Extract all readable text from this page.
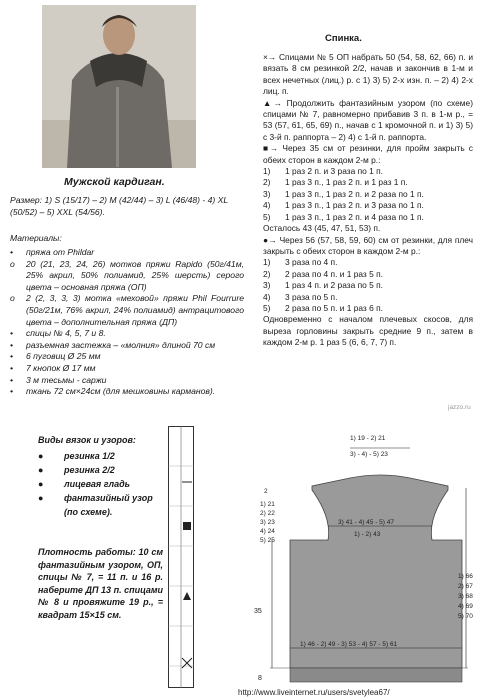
Мужской кардиган.
Размер: 1) S (15/17) – 2) M (42/44) – 3) L (46/48) - 4) XL (50/52) – 5) XXL (54/56).
Материалы:
•	пряжа от Phildar
o	20 (21, 23, 24, 26) мотков пряжи Rapido (50г/41м, 25% акрил, 50% полиамид, 25% шерсть) серого цвета – основная пряжа (ОП)
o	2 (2, 3, 3, 3) мотка «меховой» пряжи Phil Fourrure (50г/21м, 76% акрил, 24% полиамид) антрацитового цвета – дополнительная пряжа (ДП)
•	спицы № 4, 5, 7 и 8.
•	разъемная застежка – «молния» длиной 70 см
•	6 пуговиц Ø 25 мм
•	7 кнопок Ø 17 мм
•	3 м тесьмы - саржи
•	ткань 72 см×24см (для мешковины карманов).
Виды вязок и узоров:
●	резинка 1/2
●	резинка 2/2
●	лицевая гладь
●	фантазийный узор (по схеме).
Плотность работы: 10 см фантазийным узором, ОП, спицы № 7, = 11 п. и 16 р. наберите ДП 13 п. спицами № 8 и провяжите 19 р., = квадрат 15×15 см.
Спинка.

×→ Спицами № 5 ОП набрать 50 (54, 58, 62, 66) п. и вязать 8 см резинкой 2/2, начав и закончив в 1-м и всех нечетных (лиц.) р. с 1) 3) 5) 2-х изн. п. – 2) 4) 2-х лиц. п.

▲→ Продолжить фантазийным узором (по схеме) спицами № 7, равномерно прибавив 3 п. в 1-м р., = 53 (57, 61, 65, 69) п., начав с 1 кромочной п. и 1) 3) 5) с 3-й п. раппорта – 2) 4) с 1-й п. раппорта.

■→ Через 35 см от резинки, для пройм закрыть с обеих сторон в каждом 2-м р.:

1)	1 раз 2 п. и 3 раза по 1 п.
2)	1 раз 3 п., 1 раз 2 п. и 1 раз 1 п.
3)	1 раз 3 п., 1 раз 2 п. и 2 раза по 1 п.
4)	1 раз 3 п., 1 раз 2 п. и 3 раза по 1 п.
5)	1 раз 3 п., 1 раз 2 п. и 4 раза по 1 п.

Осталось 43 (45, 47, 51, 53) п.

●→ Через 56 (57, 58, 59, 60) см от резинки, для плеч закрыть с обеих сторон в каждом 2-м р.:

1)	3 раза по 4 п.
2)	2 раза по 4 п. и 1 раз 5 п.
3)	1 раз 4 п. и 2 раза по 5 п.
4)	3 раза по 5 п.
5)	2 раза по 5 п. и 1 раз 6 п.

Одновременно с началом плечевых скосов, для выреза горловины закрыть средние 9 п., затем в каждом 2-м р. 1 раз 5 (6, 6, 7, 7) п.

jazzo.ru
1) 19 - 2) 21
3) - 4) - 5) 23
2
3) 41 - 4) 45 - 5) 47
1) - 2) 43
1) 21
2) 22
3) 23
4) 24
5) 25
1) 66
2) 67
3) 68
4) 69
5) 70
35
8
1) 46 - 2) 49 - 3) 53 - 4) 57 - 5) 61
http://www.liveinternet.ru/users/svetylea67/
